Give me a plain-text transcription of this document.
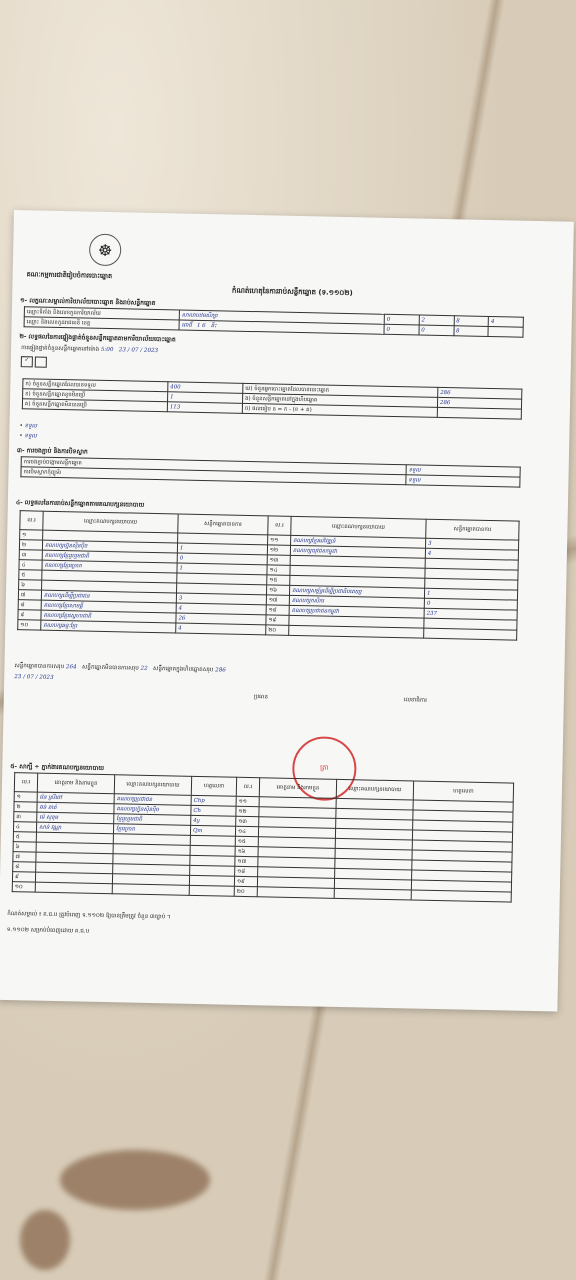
☸
គណៈកម្មការជាតិរៀបចំការបោះឆ្នោត
កំណត់ហេតុនៃការរាប់សន្លឹកឆ្នោត (ទ.១១០២)
១- លក្ខណៈសម្គាល់ការិយាល័យបោះឆ្នោត និងរាប់សន្លឹកឆ្នោត
ឈ្មោះទីតាំង និងលេខកូដការិយាល័យ	សាលាបឋមសិក្សា	0	2	8	4
ឈ្មោះ និងលេខកូដរាជធានី ខេត្ត	ពោធិ៍ 1 6 គិះ	0	0	8	
២- លទ្ធផលនៃការផ្ទៀងផ្ទាត់ចំនួនសន្លឹកឆ្នោតតាមការិយាល័យបោះឆ្នោត
ការផ្ទៀងផ្ទាត់ចំនួនសន្លឹកឆ្នោតនៅម៉ោង 5:00 23 / 07 / 2023
✓
ក) ចំនួនសន្លឹកឆ្នោតដែលបានទទួល	400	ឃ) ចំនួនអ្នកបោះឆ្នោតដែលបានបោះឆ្នោត	286
ខ) ចំនួនសន្លឹកឆ្នោតខូចមិនប្រើ	1	ង) ចំនួនសន្លឹកឆ្នោតនៅក្នុងហិបឆ្នោត	286
គ) ចំនួនសន្លឹកឆ្នោតមិនបានប្រើ	113	ច) ផលធៀប ន = ក - (ខ + គ)	
• ទទួល
• ទទួល
៣- ការចងភ្ជាប់ និងការបិទស្លាក
ការចងភ្ជាប់ចង្កោមសន្លឹកឆ្នោត	ទទួល
ការបិទស្លាកកុំព្យូទ័រ	ទទួល
៤- លទ្ធផលនៃការរាប់សន្លឹកឆ្នោតតាមគណបក្សនយោបាយ
ល.រ	ឈ្មោះគណបក្សនយោបាយ	សន្លឹកឆ្នោតបានការ	ល.រ	ឈ្មោះគណបក្សនយោបាយ	សន្លឹកឆ្នោតបានការ
១			១១	គណបក្សខ្មែរអភិវឌ្ឍន៍	3
២	គណបក្សហ្វ៊ុនស៊ិនប៉ិច	1	១២	គណបក្សយុវជនកម្ពុជា	4
៣	គណបក្សខ្មែររួបរួមជាតិ	0	១៣		
៤	គណបក្សខ្មែរក្រោក	1	១៤		
៥			១៥		
៦			១៦	គណបក្សសម្ព័ន្ធដើម្បីប្រជាធិបតេយ្យ	1
៧	គណបក្សដើម្បីប្រជាជន	3	១៧	គណបក្សកសិករ	0
៨	គណបក្សខ្មែរសាមគ្គី	4	១៨	គណបក្សប្រជាជនកម្ពុជា	237
៩	គណបក្សខ្មែរស្នេហាជាតិ	26	១៩		
១០	គណបក្សឆន្ទៈខ្មែរ	4	២០		
សន្លឹកឆ្នោតបានការសរុប 264 សន្លឹកឆ្នោតមិនបានការសរុប 22 សន្លឹកឆ្នោតក្នុងហិបឆ្នោតសរុប 286
23 / 07 / 2023
ប្រធាន	លេខាធិការ
ត្រា
៥- សាក្សី ÷ ភ្នាក់ងារគណបក្សនយោបាយ
ល.រ	គោត្តនាម និងនាមខ្លួន	ឈ្មោះគណបក្សនយោបាយ	ហត្ថលេខា	ល.រ	គោត្តនាម និងនាមខ្លួន	ឈ្មោះគណបក្សនយោបាយ	ហត្ថលេខា
១	រ៉េន ស្រីពៅ	គណបក្សប្រជាជន	Chp	១១			
២	ឆន់ គាត់	គណបក្សហ្វ៊ុនស៊ិនប៉ិច	Ch	១២			
៣	ម៉េ សុខុម	ខ្មែររួបរួមជាតិ	4y	១៣			
៤	សាន់ វណ្ណា	ខ្មែរក្រោក	Qm	១៤			
៥				១៥			
៦				១៦			
៧				១៧			
៨				១៨			
៩				១៩			
១០				២០			
កំណត់សម្គាល់ ៖ គ.ជ.ប ត្រូវបំពេញ ទ.១១០២ ឱ្យបានត្រឹមត្រូវ ចំនួន ៣ច្បាប់ ។
ទ.១១០២ សម្រាប់បំពេញដោយ គ.ជ.ប
